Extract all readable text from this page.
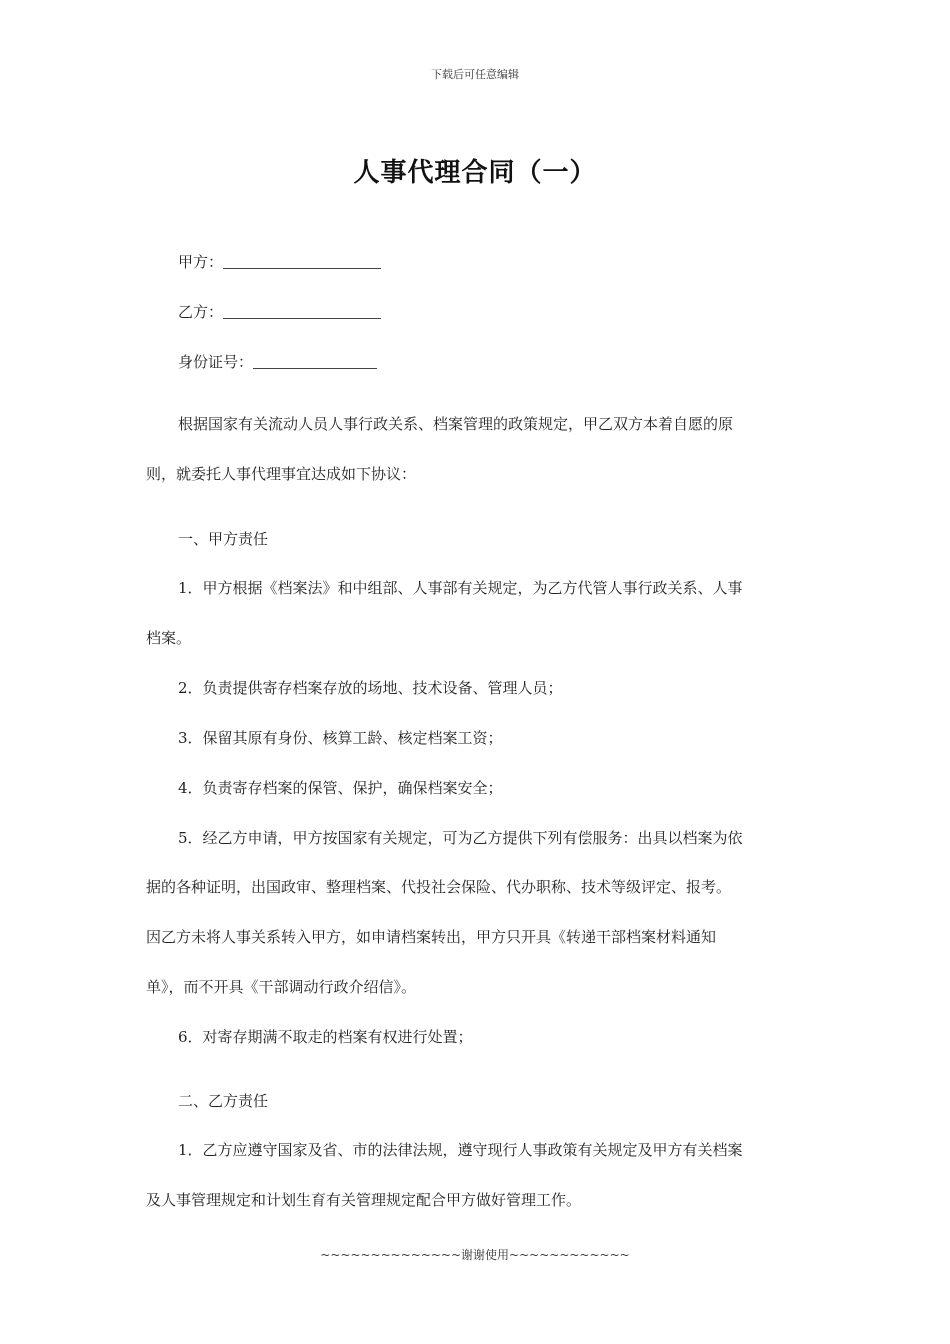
下载后可任意编辑
人事代理合同（一）
甲方：
乙方：
身份证号：
根据国家有关流动人员人事行政关系、档案管理的政策规定，甲乙双方本着自愿的原
则，就委托人事代理事宜达成如下协议：
一、甲方责任
1．甲方根据《档案法》和中组部、人事部有关规定，为乙方代管人事行政关系、人事
档案。
2．负责提供寄存档案存放的场地、技术设备、管理人员；
3．保留其原有身份、核算工龄、核定档案工资；
4．负责寄存档案的保管、保护，确保档案安全；
5．经乙方申请，甲方按国家有关规定，可为乙方提供下列有偿服务：出具以档案为依
据的各种证明，出国政审、整理档案、代投社会保险、代办职称、技术等级评定、报考。
因乙方未将人事关系转入甲方，如申请档案转出，甲方只开具《转递干部档案材料通知
单》，而不开具《干部调动行政介绍信》。
6．对寄存期满不取走的档案有权进行处置；
二、乙方责任
1．乙方应遵守国家及省、市的法律法规，遵守现行人事政策有关规定及甲方有关档案
及人事管理规定和计划生育有关管理规定配合甲方做好管理工作。
~~~~~~~~~~~~~~谢谢使用~~~~~~~~~~~~
